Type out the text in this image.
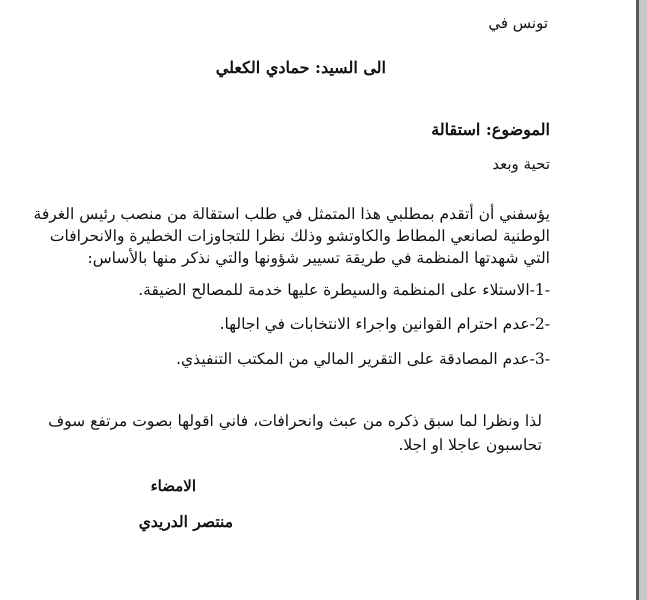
تونس في

الى السيد: حمادي الكعلي

الموضوع: استقالة

تحية وبعد

يؤسفني أن أتقدم بمطلبي هذا المتمثل في طلب استقالة من منصب رئيس الغرفة

الوطنية لصانعي المطاط والكاوتشو وذلك نظرا للتجاوزات الخطيرة والانحرافات

التي شهدتها المنظمة في طريقة تسيير شؤونها والتي نذكر منها بالأساس:

-1-الاستلاء على المنظمة والسيطرة عليها خدمة للمصالح الضيقة.

-2-عدم احترام القوانين واجراء الانتخابات في اجالها.

-3-عدم المصادقة على التقرير المالي من المكتب التنفيذي.

لذا ونظرا لما سبق ذكره من عبث وانحرافات، فاني اقولها بصوت مرتفع سوف

تحاسبون عاجلا او اجلا.

الامضاء

منتصر الدريدي
